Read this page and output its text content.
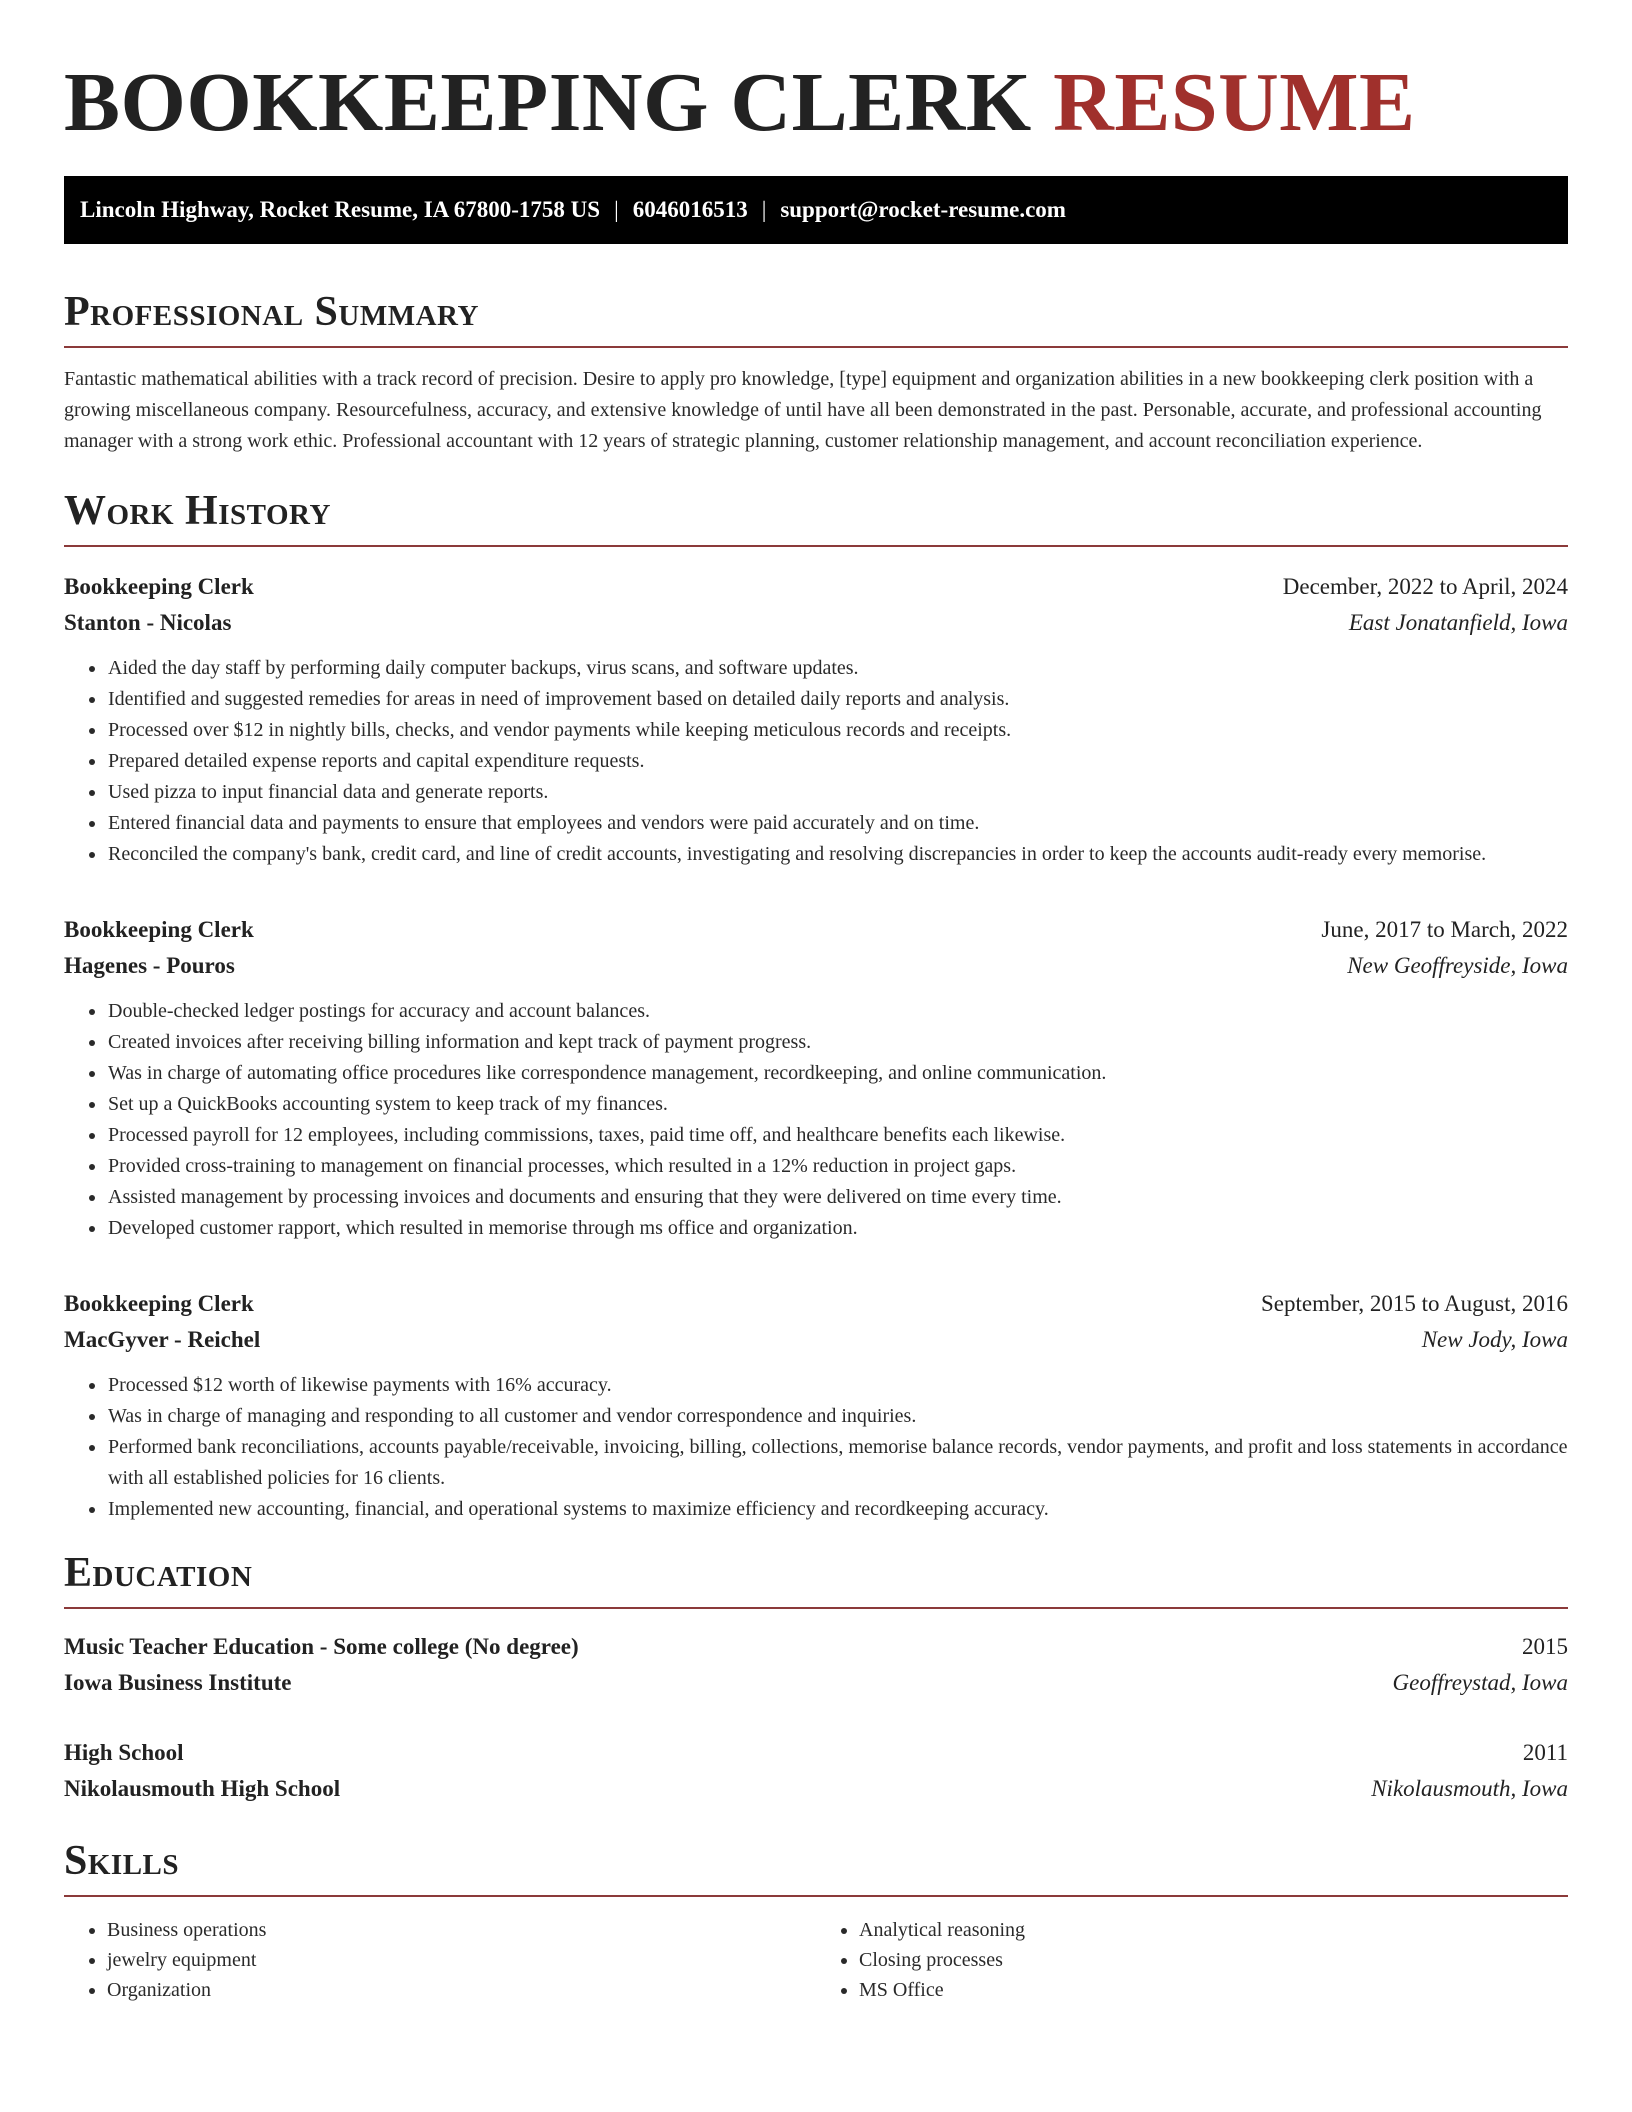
BOOKKEEPING CLERK RESUME
Lincoln Highway, Rocket Resume, IA 67800-1758 US | 6046016513 | support@rocket-resume.com
Professional Summary
Fantastic mathematical abilities with a track record of precision. Desire to apply pro knowledge, [type] equipment and organization abilities in a new bookkeeping clerk position with a growing miscellaneous company. Resourcefulness, accuracy, and extensive knowledge of until have all been demonstrated in the past. Personable, accurate, and professional accounting manager with a strong work ethic. Professional accountant with 12 years of strategic planning, customer relationship management, and account reconciliation experience.
Work History
Bookkeeping Clerk	December, 2022 to April, 2024
Stanton - Nicolas	East Jonatanfield, Iowa
• Aided the day staff by performing daily computer backups, virus scans, and software updates.
• Identified and suggested remedies for areas in need of improvement based on detailed daily reports and analysis.
• Processed over $12 in nightly bills, checks, and vendor payments while keeping meticulous records and receipts.
• Prepared detailed expense reports and capital expenditure requests.
• Used pizza to input financial data and generate reports.
• Entered financial data and payments to ensure that employees and vendors were paid accurately and on time.
• Reconciled the company's bank, credit card, and line of credit accounts, investigating and resolving discrepancies in order to keep the accounts audit-ready every memorise.
Bookkeeping Clerk	June, 2017 to March, 2022
Hagenes - Pouros	New Geoffreyside, Iowa
• Double-checked ledger postings for accuracy and account balances.
• Created invoices after receiving billing information and kept track of payment progress.
• Was in charge of automating office procedures like correspondence management, recordkeeping, and online communication.
• Set up a QuickBooks accounting system to keep track of my finances.
• Processed payroll for 12 employees, including commissions, taxes, paid time off, and healthcare benefits each likewise.
• Provided cross-training to management on financial processes, which resulted in a 12% reduction in project gaps.
• Assisted management by processing invoices and documents and ensuring that they were delivered on time every time.
• Developed customer rapport, which resulted in memorise through ms office and organization.
Bookkeeping Clerk	September, 2015 to August, 2016
MacGyver - Reichel	New Jody, Iowa
• Processed $12 worth of likewise payments with 16% accuracy.
• Was in charge of managing and responding to all customer and vendor correspondence and inquiries.
• Performed bank reconciliations, accounts payable/receivable, invoicing, billing, collections, memorise balance records, vendor payments, and profit and loss statements in accordance with all established policies for 16 clients.
• Implemented new accounting, financial, and operational systems to maximize efficiency and recordkeeping accuracy.
Education
Music Teacher Education - Some college (No degree)	2015
Iowa Business Institute	Geoffreystad, Iowa
High School	2011
Nikolausmouth High School	Nikolausmouth, Iowa
Skills
• Business operations
• jewelry equipment
• Organization
• Analytical reasoning
• Closing processes
• MS Office
